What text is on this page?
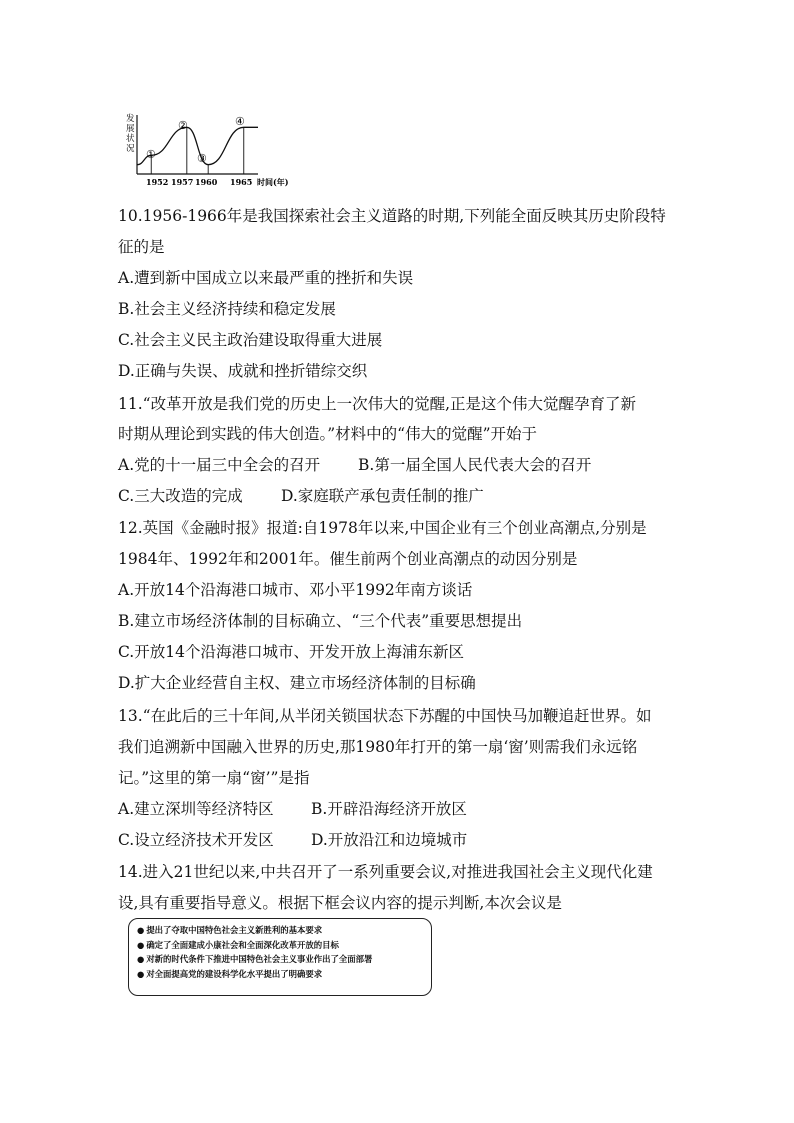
发
展
状
况
1952 1957 1960 1965 时间(年)
①
②
③
④
10.1956-1966年是我国探索社会主义道路的时期,下列能全面反映其历史阶段特
征的是
A.遭到新中国成立以来最严重的挫折和失误
B.社会主义经济持续和稳定发展
C.社会主义民主政治建设取得重大进展
D.正确与失误、成就和挫折错综交织
11.“改革开放是我们党的历史上一次伟大的觉醒,正是这个伟大觉醒孕育了新
时期从理论到实践的伟大创造。”材料中的“伟大的觉醒”开始于
A.党的十一届三中全会的召开 B.第一届全国人民代表大会的召开
C.三大改造的完成 D.家庭联产承包责任制的推广
12.英国《金融时报》报道:自1978年以来,中国企业有三个创业高潮点,分别是
1984年、1992年和2001年。催生前两个创业高潮点的动因分别是
A.开放14个沿海港口城市、邓小平1992年南方谈话
B.建立市场经济体制的目标确立、“三个代表”重要思想提出
C.开放14个沿海港口城市、开发开放上海浦东新区
D.扩大企业经营自主权、建立市场经济体制的目标确
13.“在此后的三十年间,从半闭关锁国状态下苏醒的中国快马加鞭追赶世界。如
我们追溯新中国融入世界的历史,那1980年打开的第一扇‘窗’则需我们永远铭
记。”这里的第一扇“窗’”是指
A.建立深圳等经济特区 B.开辟沿海经济开放区
C.设立经济技术开发区 D.开放沿江和边境城市
14.进入21世纪以来,中共召开了一系列重要会议,对推进我国社会主义现代化建
设,具有重要指导意义。根据下框会议内容的提示判断,本次会议是
● 提出了夺取中国特色社会主义新胜利的基本要求
● 确定了全面建成小康社会和全面深化改革开放的目标
● 对新的时代条件下推进中国特色社会主义事业作出了全面部署
● 对全面提高党的建设科学化水平提出了明确要求
